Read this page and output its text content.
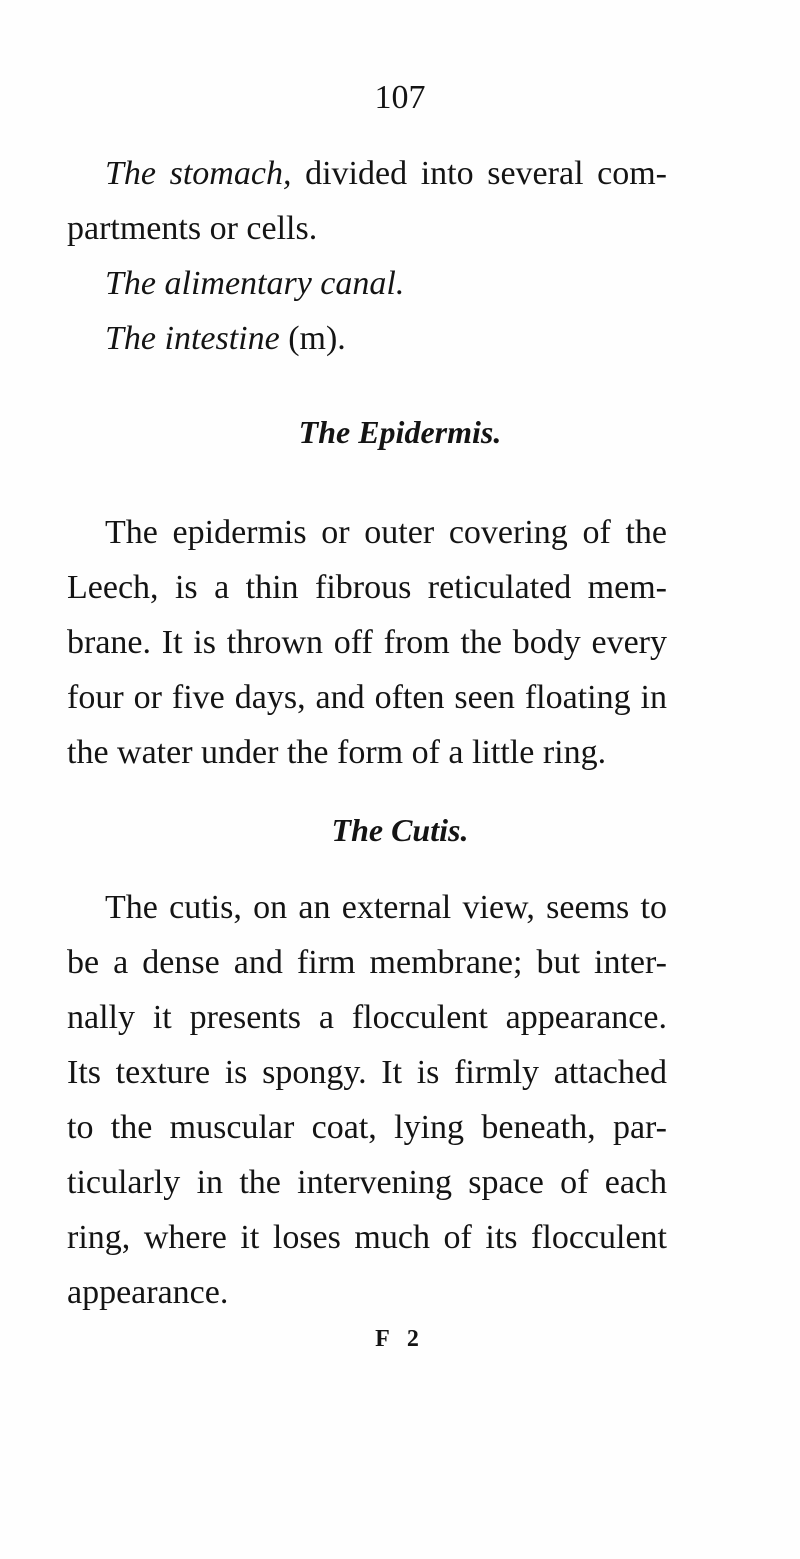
107
The stomach, divided into several com-
partments or cells.
The alimentary canal.
The intestine (m).
The Epidermis.
The epidermis or outer covering of the
Leech, is a thin fibrous reticulated mem-
brane. It is thrown off from the body every
four or five days, and often seen floating in
the water under the form of a little ring.
The Cutis.
The cutis, on an external view, seems to
be a dense and firm membrane; but inter-
nally it presents a flocculent appearance.
Its texture is spongy. It is firmly attached
to the muscular coat, lying beneath, par-
ticularly in the intervening space of each
ring, where it loses much of its flocculent
appearance.
F 2
